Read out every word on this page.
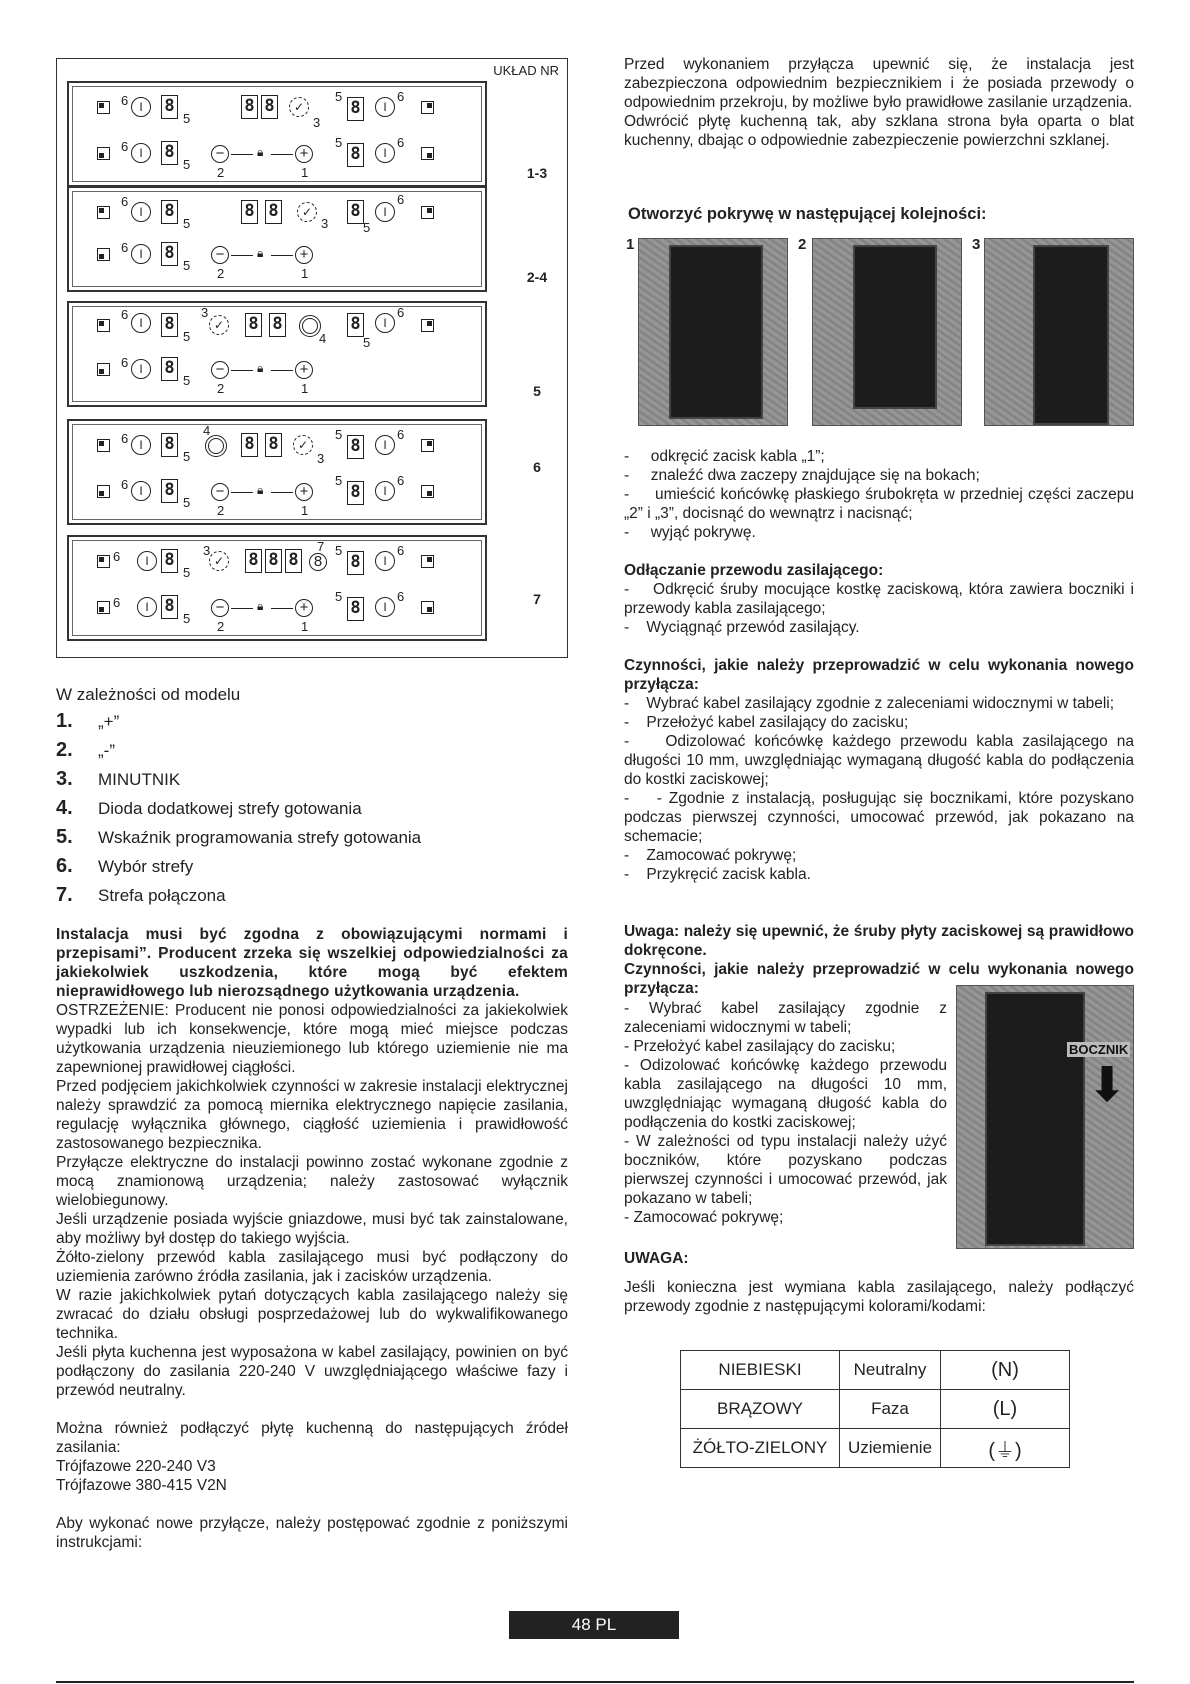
UKŁAD NR
6 I	8
5
8 8	✓
3
5
8	I
6
6 I	8
5
−
2
🔒︎	+
1
5
8	I
6
1-3
6
I	8
5
8 8	✓
3
8
5
I
6
6 I	8
5
−
2
🔒︎	+
1	2-4
6
I	8
5
3
✓ 8 8
4
8
5
I
6
6 I	8
5
−
2
🔒︎	+
1	5
6 I	8
5
4
8 8	✓
3
5
8	I
6
6 I	8
5
−
2
🔒︎	+
1
5
8	I
6
6
6	I 8
5
3
✓ 8 8 8	8
7 5
8	I
6
6	I 8
5
−
2
🔒︎	+
1
5
8	I
6	7
W zależności od modelu
1. „+”
2. „-”
3. MINUTNIK
4. Dioda dodatkowej strefy gotowania
5. Wskaźnik programowania strefy gotowania
6. Wybór strefy
7. Strefa połączona

Instalacja musi być zgodna z obowiązującymi normami i przepisami”. Producent zrzeka się wszelkiej odpowiedzialności za jakiekolwiek uszkodzenia, które mogą być efektem nieprawidłowego lub nierozsądnego użytkowania urządzenia.

OSTRZEŻENIE: Producent nie ponosi odpowiedzialności za jakiekolwiek wypadki lub ich konsekwencje, które mogą mieć miejsce podczas użytkowania urządzenia nieuziemionego lub którego uziemienie nie ma zapewnionej prawidłowej ciągłości.

Przed podjęciem jakichkolwiek czynności w zakresie instalacji elektrycznej należy sprawdzić za pomocą miernika elektrycznego napięcie zasilania, regulację wyłącznika głównego, ciągłość uziemienia i prawidłowość zastosowanego bezpiecznika.

Przyłącze elektryczne do instalacji powinno zostać wykonane zgodnie z mocą znamionową urządzenia; należy zastosować wyłącznik wielobiegunowy.

Jeśli urządzenie posiada wyjście gniazdowe, musi być tak zainstalowane, aby możliwy był dostęp do takiego wyjścia.

Żółto-zielony przewód kabla zasilającego musi być podłączony do uziemienia zarówno źródła zasilania, jak i zacisków urządzenia.

W razie jakichkolwiek pytań dotyczących kabla zasilającego należy się zwracać do działu obsługi posprzedażowej lub do wykwalifikowanego technika.

Jeśli płyta kuchenna jest wyposażona w kabel zasilający, powinien on być podłączony do zasilania 220-240 V uwzględniającego właściwe fazy i przewód neutralny.

Można również podłączyć płytę kuchenną do następujących źródeł zasilania:

Trójfazowe 220-240 V3

Trójfazowe 380-415 V2N

Aby wykonać nowe przyłącze, należy postępować zgodnie z poniższymi instrukcjami:

Przed wykonaniem przyłącza upewnić się, że instalacja jest zabezpieczona odpowiednim bezpiecznikiem i że posiada przewody o odpowiednim przekroju, by możliwe było prawidłowe zasilanie urządzenia.

Odwrócić płytę kuchenną tak, aby szklana strona była oparta o blat kuchenny, dbając o odpowiednie zabezpieczenie powierzchni szklanej.

Otworzyć pokrywę w następującej kolejności:
1	2	3

-     odkręcić zacisk kabla „1”;

-     znaleźć dwa zaczepy znajdujące się na bokach;

-     umieścić końcówkę płaskiego śrubokręta w przedniej części zaczepu „2” i „3”, docisnąć do wewnątrz i nacisnąć;

-     wyjąć pokrywę.

Odłączanie przewodu zasilającego:

-    Odkręcić śruby mocujące kostkę zaciskową, która zawiera boczniki i przewody kabla zasilającego;

-    Wyciągnąć przewód zasilający.

Czynności, jakie należy przeprowadzić w celu wykonania nowego przyłącza:

-    Wybrać kabel zasilający zgodnie z zaleceniami widocznymi w tabeli;

-    Przełożyć kabel zasilający do zacisku;

-    Odizolować końcówkę każdego przewodu kabla zasilającego na długości 10 mm, uwzględniając wymaganą długość kabla do podłączenia do kostki zaciskowej;

-    - Zgodnie z instalacją, posługując się bocznikami, które pozyskano podczas pierwszej czynności, umocować przewód, jak pokazano na schemacie;

-    Zamocować pokrywę;

-    Przykręcić zacisk kabla.

Uwaga: należy się upewnić, że śruby płyty zaciskowej są prawidłowo dokręcone.

Czynności, jakie należy przeprowadzić w celu wykonania nowego przyłącza:

- Wybrać kabel zasilający zgodnie z zaleceniami widocznymi w tabeli;

- Przełożyć kabel zasilający do zacisku;

- Odizolować końcówkę każdego przewodu kabla zasilającego na długości 10 mm, uwzględniając wymaganą długość kabla do podłączenia do kostki zaciskowej;

- W zależności od typu instalacji należy użyć boczników, które pozyskano podczas pierwszej czynności i umocować przewód, jak pokazano w tabeli;

- Zamocować pokrywę;

BOCZNIK
⬇
UWAGA:

Jeśli konieczna jest wymiana kabla zasilającego, należy podłączyć przewody zgodnie z następującymi kolorami/kodami:

NIEBIESKI	Neutralny	(N)
BRĄZOWY	Faza	(L)
ŻÓŁTO-ZIELONY	Uziemienie	(⏚)
48 PL
